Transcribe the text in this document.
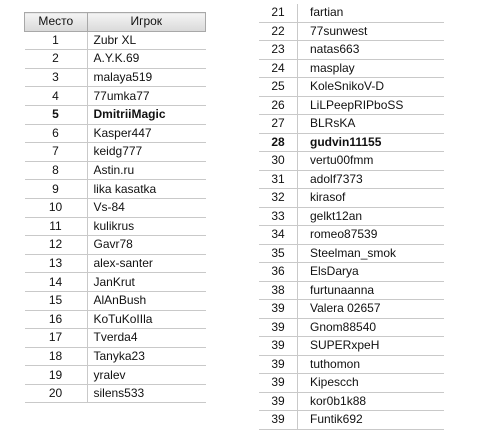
Место	Игрок
1	Zubr XL
2	A.Y.K.69
3	malaya519
4	77umka77
5	DmitriiMagic
6	Kasper447
7	keidg777
8	Astin.ru
9	lika kasatka
10	Vs-84
11	kulikrus
12	Gavr78
13	alex-santer
14	JanKrut
15	AlAnBush
16	KoTuKoIIla
17	Tverda4
18	Tanyka23
19	yralev
20	silens533
21	fartian
22	77sunwest
23	natas663
24	masplay
25	KoleSnikoV-D
26	LiLPeepRIPboSS
27	BLRsKA
28	gudvin11155
30	vertu00fmm
31	adolf7373
32	kirasof
33	gelkt12an
34	romeo87539
35	Steelman_smok
36	ElsDarya
38	furtunaanna
39	Valera 02657
39	Gnom88540
39	SUPERxpeH
39	tuthomon
39	Kipescch
39	kor0b1k88
39	Funtik692
